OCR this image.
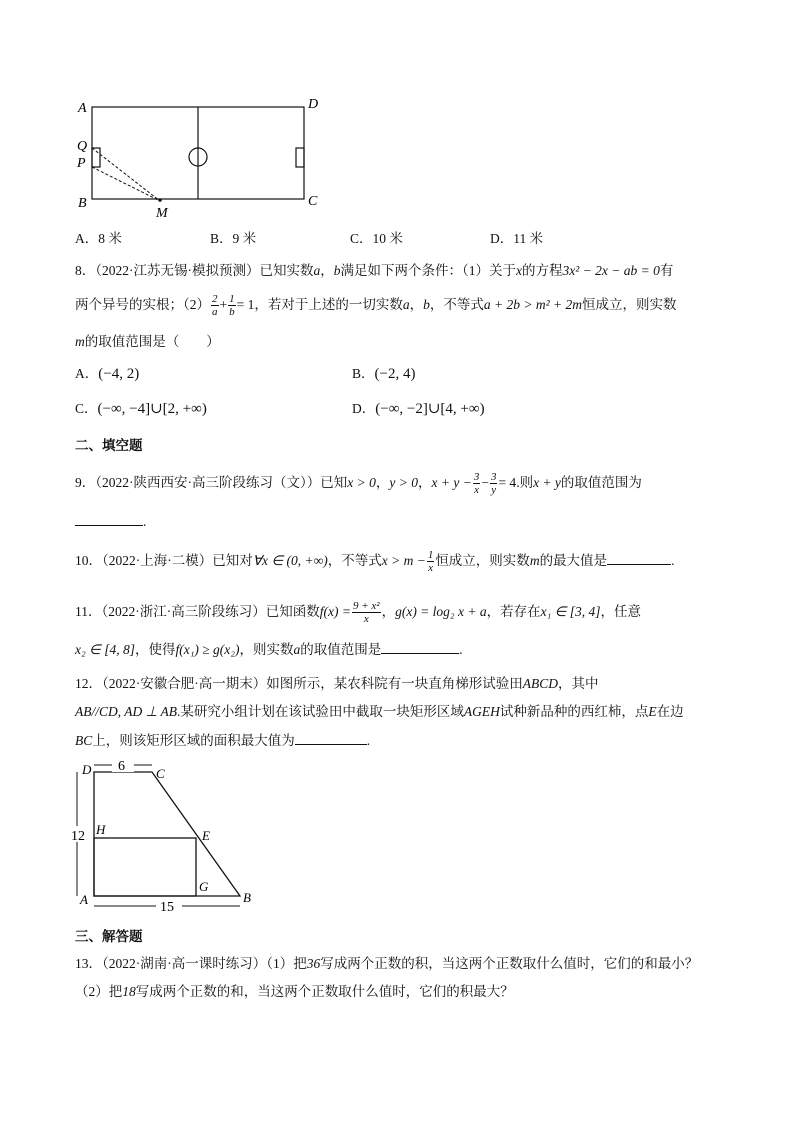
A	D
Q
P
B	C
M
A．8 米	B．9 米	C．10 米	D．11 米
8．（2022·江苏无锡·模拟预测）已知实数a，b满足如下两个条件：（1）关于x的方程3x² − 2x − ab = 0有
两个异号的实根；$(2) \frac{2}{a} + \frac{1}{b} = 1$，若对于上述的一切实数a，b，不等式a + 2b > m² + 2m恒成立，则实数
m的取值范围是（　　）
A．(−4, 2)	B．(−2, 4)
C．(−∞, −4]∪[2, +∞)	D．(−∞, −2]∪[4, +∞)
二、填空题
9．（2022·陕西西安·高三阶段练习（文））已知x > 0，y > 0，$x + y - \frac{3}{x} - \frac{3}{y} = 4$.则x + y的取值范围为
.
10．（2022·上海·二模）已知对∀x ∈ (0, +∞)，不等式$x > m - \frac{1}{x}$ 恒成立，则实数m的最大值是	.
11．（2022·浙江·高三阶段练习）已知函数$f(x) = \frac{\text{9 + x²}}{x}$ ，g(x) = log₂ x + a，若存在x₁ ∈ [3, 4]，任意
x₂ ∈ [4, 8]，使得f(x₁) ≥ g(x₂)，则实数a的取值范围是	.
12．（2022·安徽合肥·高一期末）如图所示，某农科院有一块直角梯形试验田ABCD，其中
AB//CD, AD ⊥ AB.某研究小组计划在该试验田中截取一块矩形区域AGEH试种新品种的西红柿，点E在边
BC上，则该矩形区域的面积最大值为	.
6
12
15
D	C
H	E
G
A	B
三、解答题
13．（2022·湖南·高一课时练习）（1）把36写成两个正数的积，当这两个正数取什么值时，它们的和最小？
（2）把18写成两个正数的和，当这两个正数取什么值时，它们的积最大？
